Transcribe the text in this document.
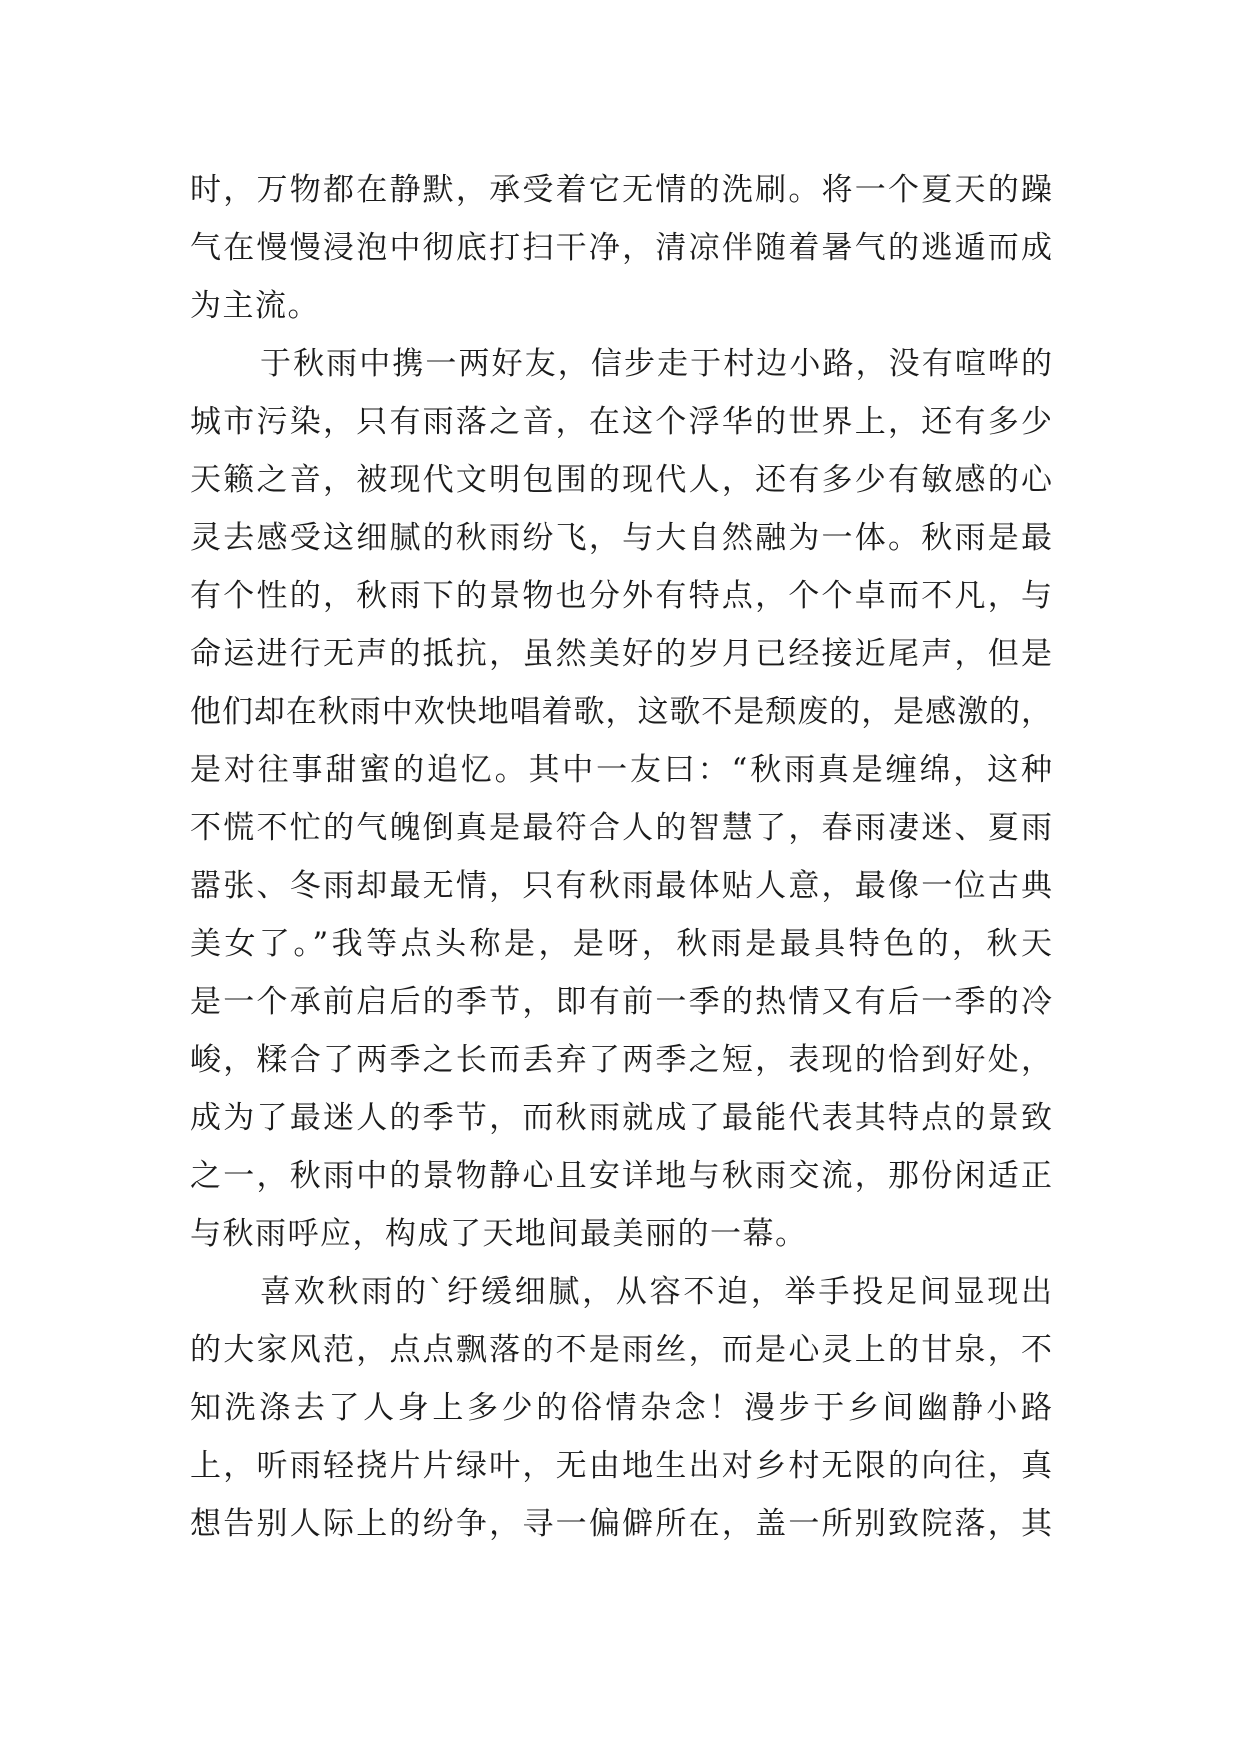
时，万物都在静默，承受着它无情的洗刷。将一个夏天的躁
气在慢慢浸泡中彻底打扫干净，清凉伴随着暑气的逃遁而成
为主流。
于秋雨中携一两好友，信步走于村边小路，没有喧哗的
城市污染，只有雨落之音，在这个浮华的世界上，还有多少
天籁之音，被现代文明包围的现代人，还有多少有敏感的心
灵去感受这细腻的秋雨纷飞，与大自然融为一体。秋雨是最
有个性的，秋雨下的景物也分外有特点，个个卓而不凡，与
命运进行无声的抵抗，虽然美好的岁月已经接近尾声，但是
他们却在秋雨中欢快地唱着歌，这歌不是颓废的，是感激的，
是对往事甜蜜的追忆。其中一友曰：“秋雨真是缠绵，这种
不慌不忙的气魄倒真是最符合人的智慧了，春雨凄迷、夏雨
嚣张、冬雨却最无情，只有秋雨最体贴人意，最像一位古典
美女了。”我等点头称是，是呀，秋雨是最具特色的，秋天
是一个承前启后的季节，即有前一季的热情又有后一季的冷
峻，糅合了两季之长而丢弃了两季之短，表现的恰到好处，
成为了最迷人的季节，而秋雨就成了最能代表其特点的景致
之一，秋雨中的景物静心且安详地与秋雨交流，那份闲适正
与秋雨呼应，构成了天地间最美丽的一幕。
喜欢秋雨的`纡缓细腻，从容不迫，举手投足间显现出
的大家风范，点点飘落的不是雨丝，而是心灵上的甘泉，不
知洗涤去了人身上多少的俗情杂念！漫步于乡间幽静小路
上，听雨轻挠片片绿叶，无由地生出对乡村无限的向往，真
想告别人际上的纷争，寻一偏僻所在，盖一所别致院落，其
